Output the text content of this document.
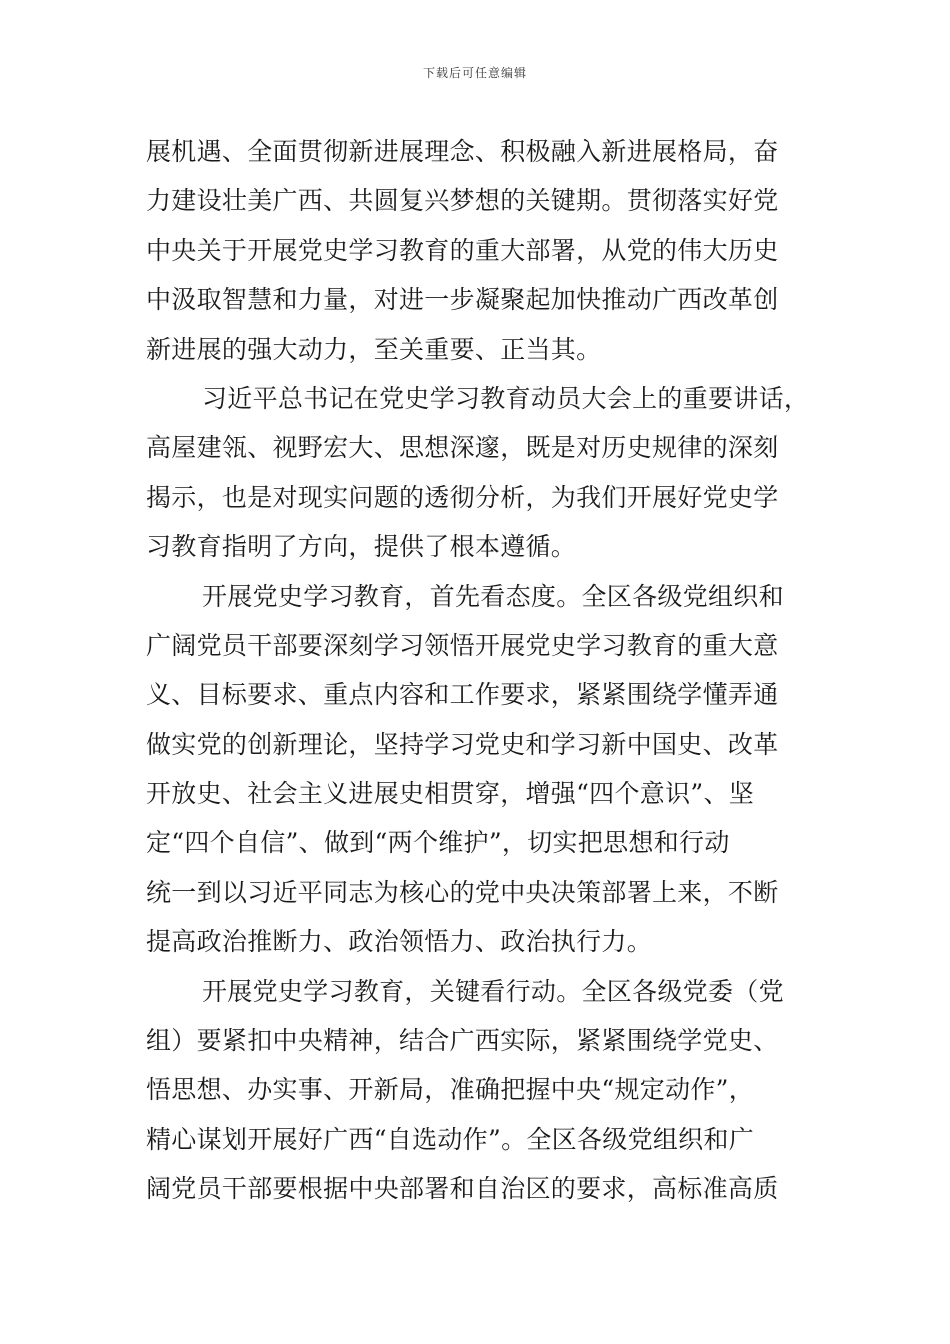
下载后可任意编辑
展机遇、全面贯彻新进展理念、积极融入新进展格局，奋
力建设壮美广西、共圆复兴梦想的关键期。贯彻落实好党
中央关于开展党史学习教育的重大部署，从党的伟大历史
中汲取智慧和力量，对进一步凝聚起加快推动广西改革创
新进展的强大动力，至关重要、正当其。
习近平总书记在党史学习教育动员大会上的重要讲话，
高屋建瓴、视野宏大、思想深邃，既是对历史规律的深刻
揭示，也是对现实问题的透彻分析，为我们开展好党史学
习教育指明了方向，提供了根本遵循。
开展党史学习教育，首先看态度。全区各级党组织和
广阔党员干部要深刻学习领悟开展党史学习教育的重大意
义、目标要求、重点内容和工作要求，紧紧围绕学懂弄通
做实党的创新理论，坚持学习党史和学习新中国史、改革
开放史、社会主义进展史相贯穿，增强“四个意识”、坚
定“四个自信”、做到“两个维护”，切实把思想和行动
统一到以习近平同志为核心的党中央决策部署上来，不断
提高政治推断力、政治领悟力、政治执行力。
开展党史学习教育，关键看行动。全区各级党委（党
组）要紧扣中央精神，结合广西实际，紧紧围绕学党史、
悟思想、办实事、开新局，准确把握中央“规定动作”，
精心谋划开展好广西“自选动作”。全区各级党组织和广
阔党员干部要根据中央部署和自治区的要求，高标准高质
